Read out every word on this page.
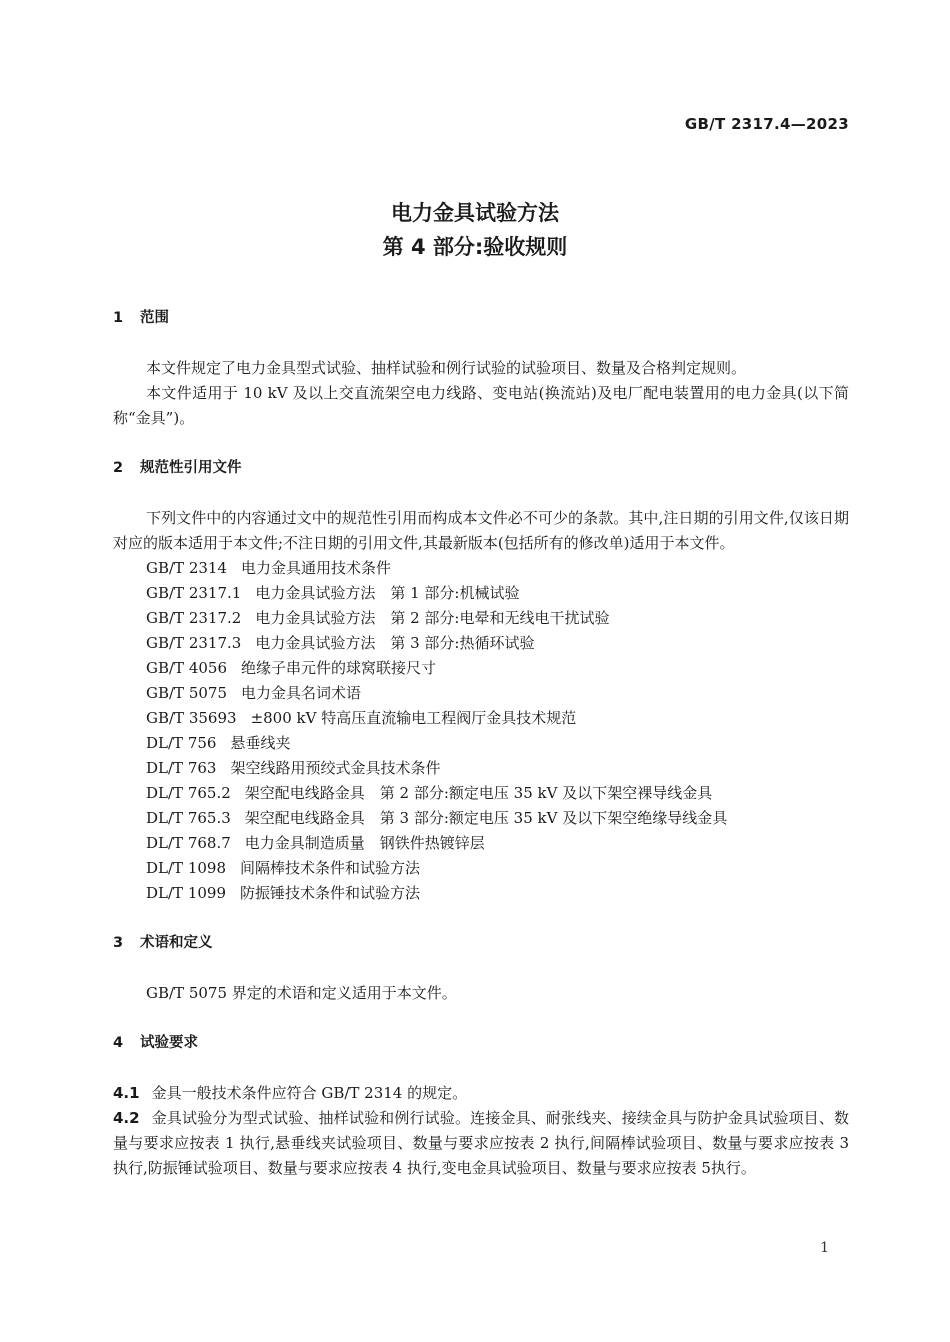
GB/T 2317.4—2023
电力金具试验方法
第 4 部分:验收规则
1 范围

本文件规定了电力金具型式试验、抽样试验和例行试验的试验项目、数量及合格判定规则。

本文件适用于 10 kV 及以上交直流架空电力线路、变电站(换流站)及电厂配电装置用的电力金具(以下简称“金具”)。

2 规范性引用文件

下列文件中的内容通过文中的规范性引用而构成本文件必不可少的条款。其中,注日期的引用文件,仅该日期对应的版本适用于本文件;不注日期的引用文件,其最新版本(包括所有的修改单)适用于本文件。

GB/T 2314 电力金具通用技术条件
GB/T 2317.1 电力金具试验方法　第 1 部分:机械试验
GB/T 2317.2 电力金具试验方法　第 2 部分:电晕和无线电干扰试验
GB/T 2317.3 电力金具试验方法　第 3 部分:热循环试验
GB/T 4056 绝缘子串元件的球窝联接尺寸
GB/T 5075 电力金具名词术语
GB/T 35693 ±800 kV 特高压直流输电工程阀厅金具技术规范
DL/T 756 悬垂线夹
DL/T 763 架空线路用预绞式金具技术条件
DL/T 765.2 架空配电线路金具　第 2 部分:额定电压 35 kV 及以下架空裸导线金具
DL/T 765.3 架空配电线路金具　第 3 部分:额定电压 35 kV 及以下架空绝缘导线金具
DL/T 768.7 电力金具制造质量　钢铁件热镀锌层
DL/T 1098 间隔棒技术条件和试验方法
DL/T 1099 防振锤技术条件和试验方法
3 术语和定义

GB/T 5075 界定的术语和定义适用于本文件。

4 试验要求

4.1 金具一般技术条件应符合 GB/T 2314 的规定。

4.2 金具试验分为型式试验、抽样试验和例行试验。连接金具、耐张线夹、接续金具与防护金具试验项目、数量与要求应按表 1 执行,悬垂线夹试验项目、数量与要求应按表 2 执行,间隔棒试验项目、数量与要求应按表 3 执行,防振锤试验项目、数量与要求应按表 4 执行,变电金具试验项目、数量与要求应按表 5执行。

1
